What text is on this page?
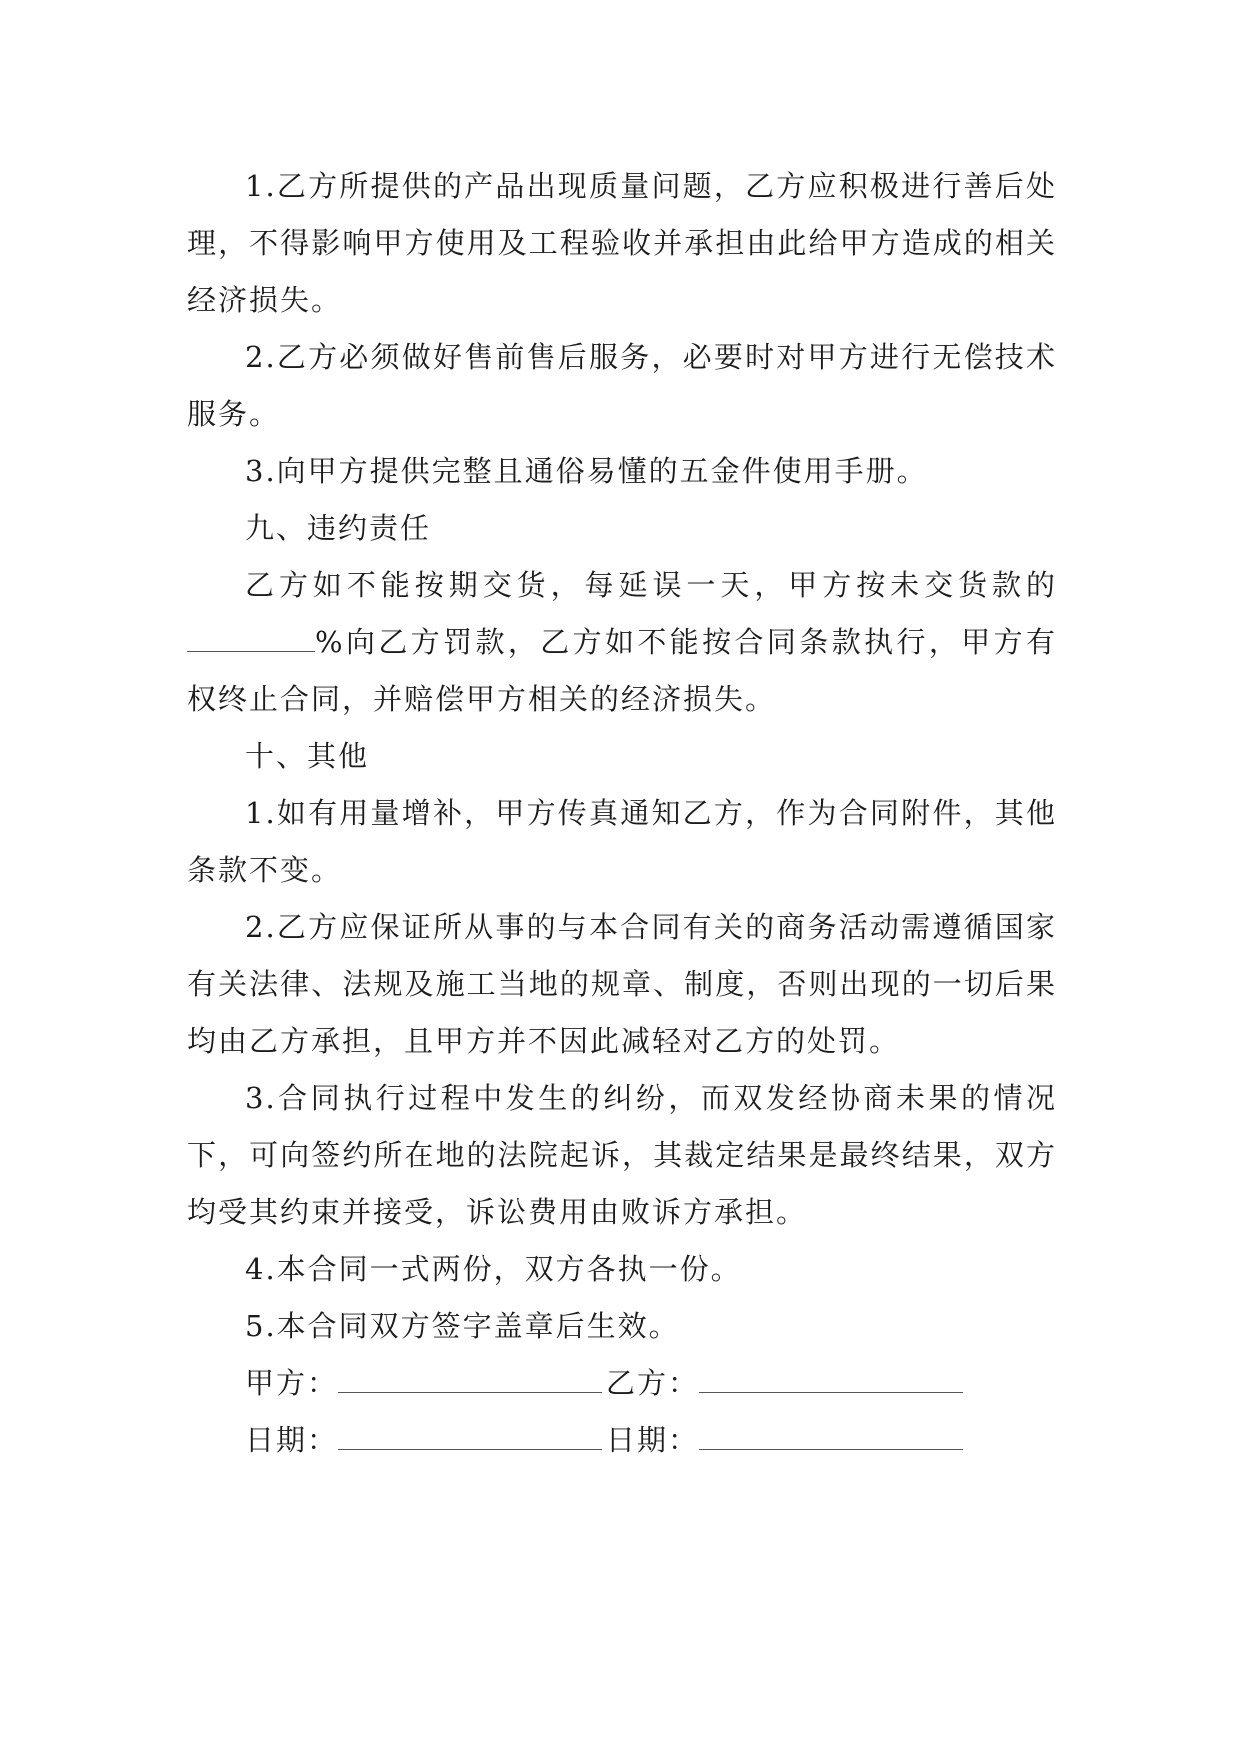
1.乙方所提供的产品出现质量问题，乙方应积极进行善后处理，不得影响甲方使用及工程验收并承担由此给甲方造成的相关经济损失。

2.乙方必须做好售前售后服务，必要时对甲方进行无偿技术服务。

3.向甲方提供完整且通俗易懂的五金件使用手册。

九、违约责任

乙方如不能按期交货，每延误一天，甲方按未交货款的%向乙方罚款，乙方如不能按合同条款执行，甲方有权终止合同，并赔偿甲方相关的经济损失。

十、其他

1.如有用量增补，甲方传真通知乙方，作为合同附件，其他条款不变。

2.乙方应保证所从事的与本合同有关的商务活动需遵循国家有关法律、法规及施工当地的规章、制度，否则出现的一切后果均由乙方承担，且甲方并不因此减轻对乙方的处罚。

3.合同执行过程中发生的纠纷，而双发经协商未果的情况下，可向签约所在地的法院起诉，其裁定结果是最终结果，双方均受其约束并接受，诉讼费用由败诉方承担。

4.本合同一式两份，双方各执一份。

5.本合同双方签字盖章后生效。

甲方：	乙方：
日期：	日期：
